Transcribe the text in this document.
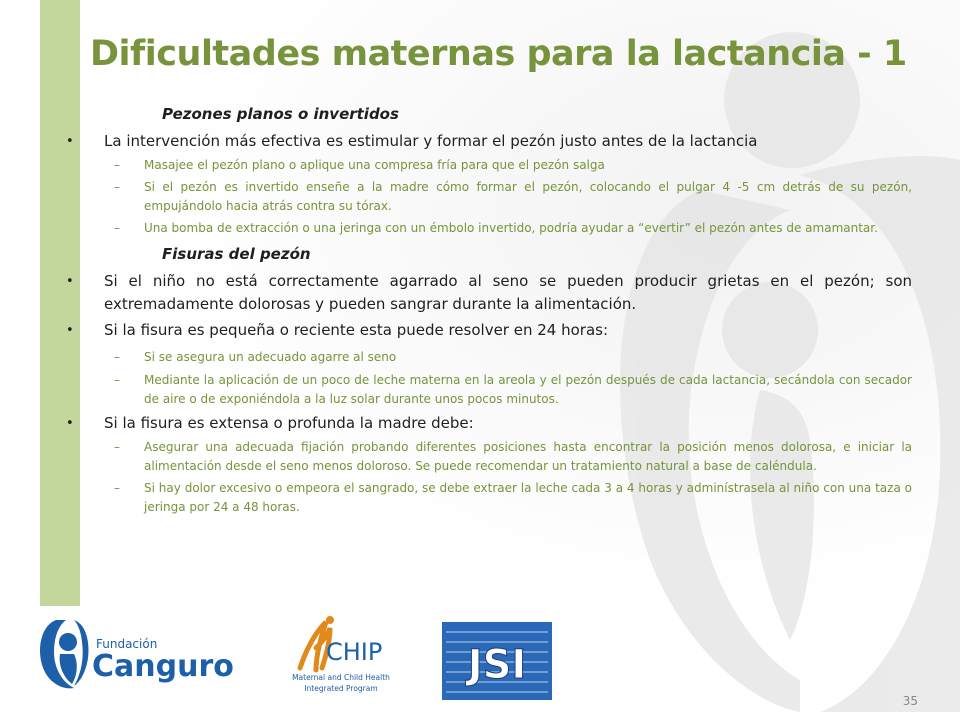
Dificultades maternas para la lactancia - 1
Pezones planos o invertidos
• La intervención más efectiva es estimular y formar el pezón justo antes de la lactancia
– Masajee el pezón plano o aplique una compresa fría para que el pezón salga
– Si el pezón es invertido enseñe a la madre cómo formar el pezón, colocando el pulgar 4 -5 cm detrás de su pezón, empujándolo hacia atrás contra su tórax.
– Una bomba de extracción o una jeringa con un émbolo invertido, podría ayudar a “evertir” el pezón antes de amamantar.
Fisuras del pezón
• Si el niño no está correctamente agarrado al seno se pueden producir grietas en el pezón; son extremadamente dolorosas y pueden sangrar durante la alimentación.
• Si la fisura es pequeña o reciente esta puede resolver en 24 horas:
– Si se asegura un adecuado agarre al seno
– Mediante la aplicación de un poco de leche materna en la areola y el pezón después de cada lactancia, secándola con secador de aire o de exponiéndola a la luz solar durante unos pocos minutos.
• Si la fisura es extensa o profunda la madre debe:
– Asegurar una adecuada fijación probando diferentes posiciones hasta encontrar la posición menos dolorosa, e iniciar la alimentación desde el seno menos doloroso. Se puede recomendar un tratamiento natural a base de caléndula.
– Si hay dolor excesivo o empeora el sangrado, se debe extraer la leche cada 3 a 4 horas y adminístrasela al niño con una taza o jeringa por 24 a 48 horas.
Fundación
Canguro	CHIP
Maternal and Child Health
Integrated Program
JSI
35
